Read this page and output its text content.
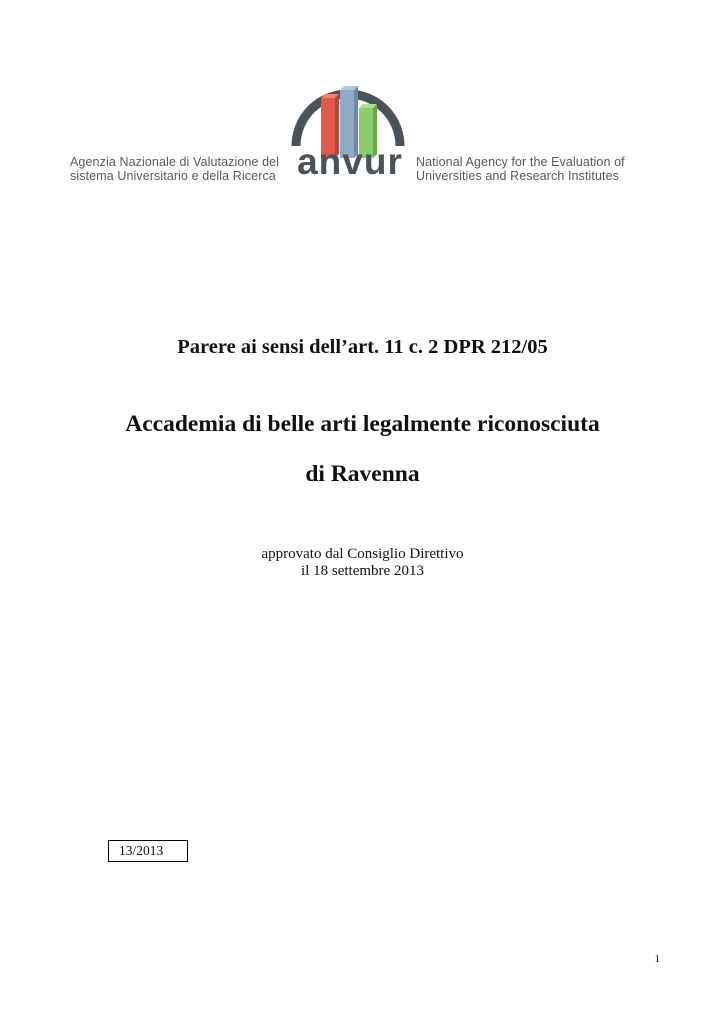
Agenzia Nazionale di Valutazione del
sistema Universitario e della Ricerca anvur	National Agency for the Evaluation of
Universities and Research Institutes
Parere ai sensi dell’art. 11 c. 2 DPR 212/05
Accademia di belle arti legalmente riconosciuta
di Ravenna
approvato dal Consiglio Direttivo
il 18 settembre 2013
13/2013
1
